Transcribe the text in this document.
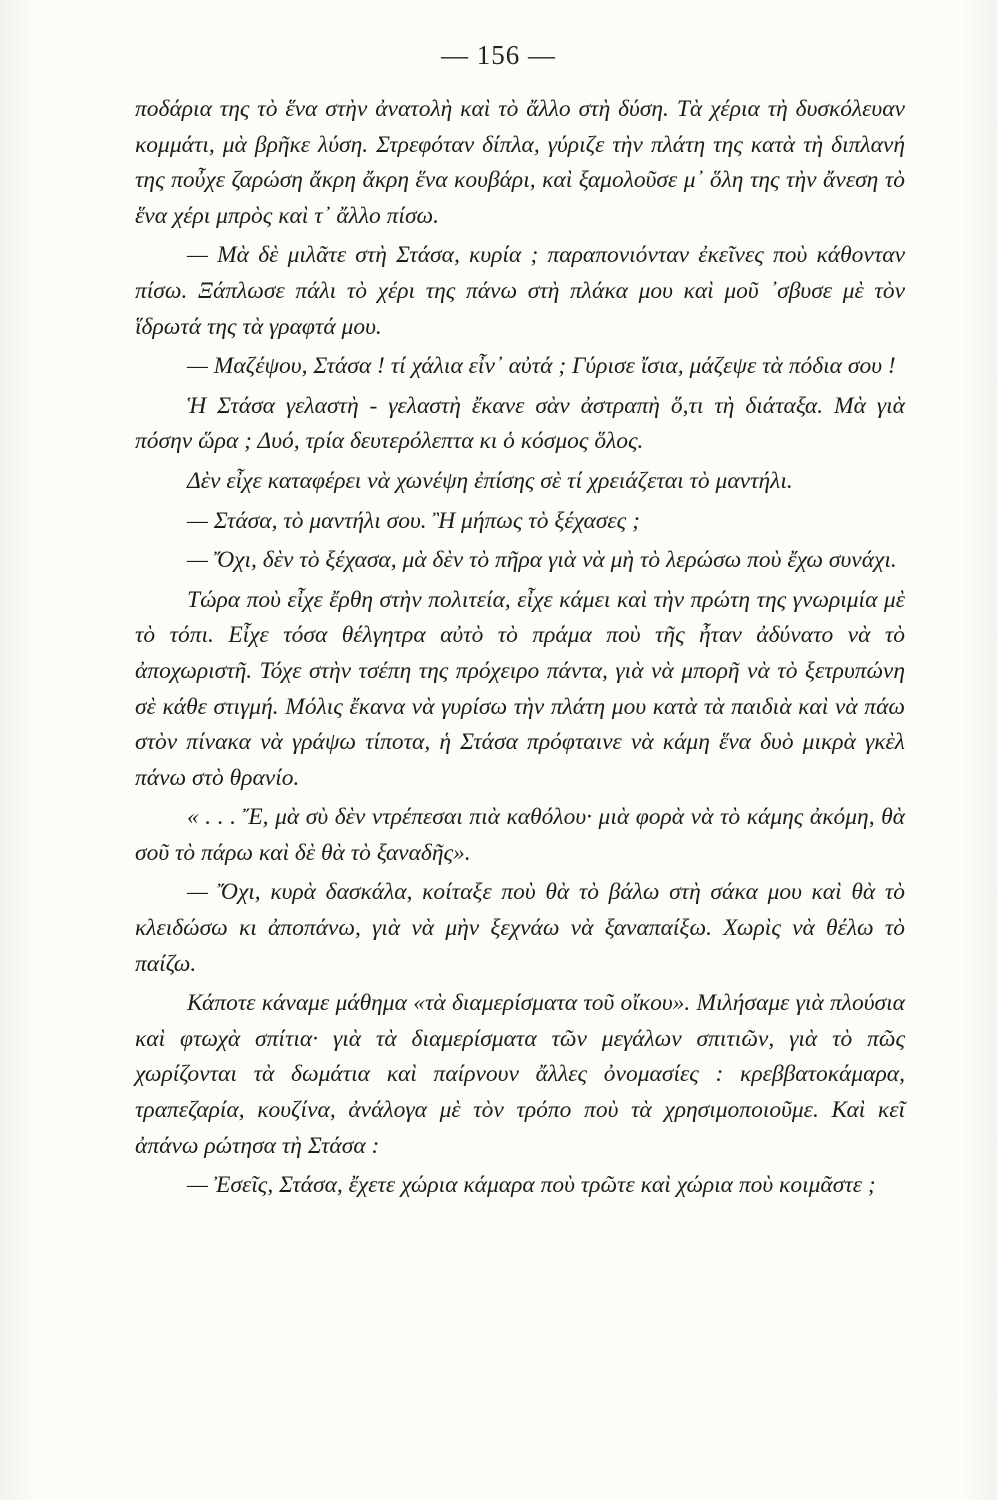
— 156 —

ποδάρια της τὸ ἕνα στὴν ἀνατολὴ καὶ τὸ ἄλλο στὴ δύση. Τὰ χέρια τὴ δυσκόλευαν κομμάτι, μὰ βρῆκε λύση. Στρεφόταν δίπλα, γύριζε τὴν πλάτη της κατὰ τὴ διπλανή της ποὖχε ζαρώση ἄκρη ἄκρη ἕνα κουβάρι, καὶ ξαμολοῦσε μ᾽ ὅλη της τὴν ἄνεση τὸ ἕνα χέρι μπρὸς καὶ τ᾽ ἄλλο πίσω.

— Μὰ δὲ μιλᾶτε στὴ Στάσα, κυρία ; παραπονιόνταν ἐκεῖνες ποὺ κάθονταν πίσω. Ξάπλωσε πάλι τὸ χέρι της πάνω στὴ πλάκα μου καὶ μοῦ ᾽σβυσε μὲ τὸν ἵδρωτά της τὰ γραφτά μου.

— Μαζέψου, Στάσα ! τί χάλια εἶν᾽ αὐτά ; Γύρισε ἴσια, μάζεψε τὰ πόδια σου !

Ἡ Στάσα γελαστὴ - γελαστὴ ἔκανε σὰν ἀστραπὴ ὅ,τι τὴ διάταξα. Μὰ γιὰ πόσην ὥρα ; Δυό, τρία δευτερόλεπτα κι ὁ κόσμος ὅλος.

Δὲν εἶχε καταφέρει νὰ χωνέψη ἐπίσης σὲ τί χρειάζεται τὸ μαντήλι.

— Στάσα, τὸ μαντήλι σου. Ἢ μήπως τὸ ξέχασες ;

— Ὄχι, δὲν τὸ ξέχασα, μὰ δὲν τὸ πῆρα γιὰ νὰ μὴ τὸ λερώσω ποὺ ἔχω συνάχι.

Τώρα ποὺ εἶχε ἔρθη στὴν πολιτεία, εἶχε κάμει καὶ τὴν πρώτη της γνωριμία μὲ τὸ τόπι. Εἶχε τόσα θέλγητρα αὐτὸ τὸ πράμα ποὺ τῆς ἦταν ἀδύνατο νὰ τὸ ἀποχωριστῆ. Τόχε στὴν τσέπη της πρόχειρο πάντα, γιὰ νὰ μπορῆ νὰ τὸ ξετρυπώνη σὲ κάθε στιγμή. Μόλις ἔκανα νὰ γυρίσω τὴν πλάτη μου κατὰ τὰ παιδιὰ καὶ νὰ πάω στὸν πίνακα νὰ γράψω τίποτα, ἡ Στάσα πρόφταινε νὰ κάμη ἕνα δυὸ μικρὰ γκὲλ πάνω στὸ θρανίο.

« . . . Ἔ, μὰ σὺ δὲν ντρέπεσαι πιὰ καθόλου· μιὰ φορὰ νὰ τὸ κάμης ἀκόμη, θὰ σοῦ τὸ πάρω καὶ δὲ θὰ τὸ ξαναδῆς».

— Ὄχι, κυρὰ δασκάλα, κοίταξε ποὺ θὰ τὸ βάλω στὴ σάκα μου καὶ θὰ τὸ κλειδώσω κι ἀποπάνω, γιὰ νὰ μὴν ξεχνάω νὰ ξαναπαίξω. Χωρὶς νὰ θέλω τὸ παίζω.

Κάποτε κάναμε μάθημα «τὰ διαμερίσματα τοῦ οἴκου». Μιλήσαμε γιὰ πλούσια καὶ φτωχὰ σπίτια· γιὰ τὰ διαμερίσματα τῶν μεγάλων σπιτιῶν, γιὰ τὸ πῶς χωρίζονται τὰ δωμάτια καὶ παίρνουν ἄλλες ὀνομασίες : κρεββατοκάμαρα, τραπεζαρία, κουζίνα, ἀνάλογα μὲ τὸν τρόπο ποὺ τὰ χρησιμοποιοῦμε. Καὶ κεῖ ἀπάνω ρώτησα τὴ Στάσα :

— Ἐσεῖς, Στάσα, ἔχετε χώρια κάμαρα ποὺ τρῶτε καὶ χώρια ποὺ κοιμᾶστε ;
